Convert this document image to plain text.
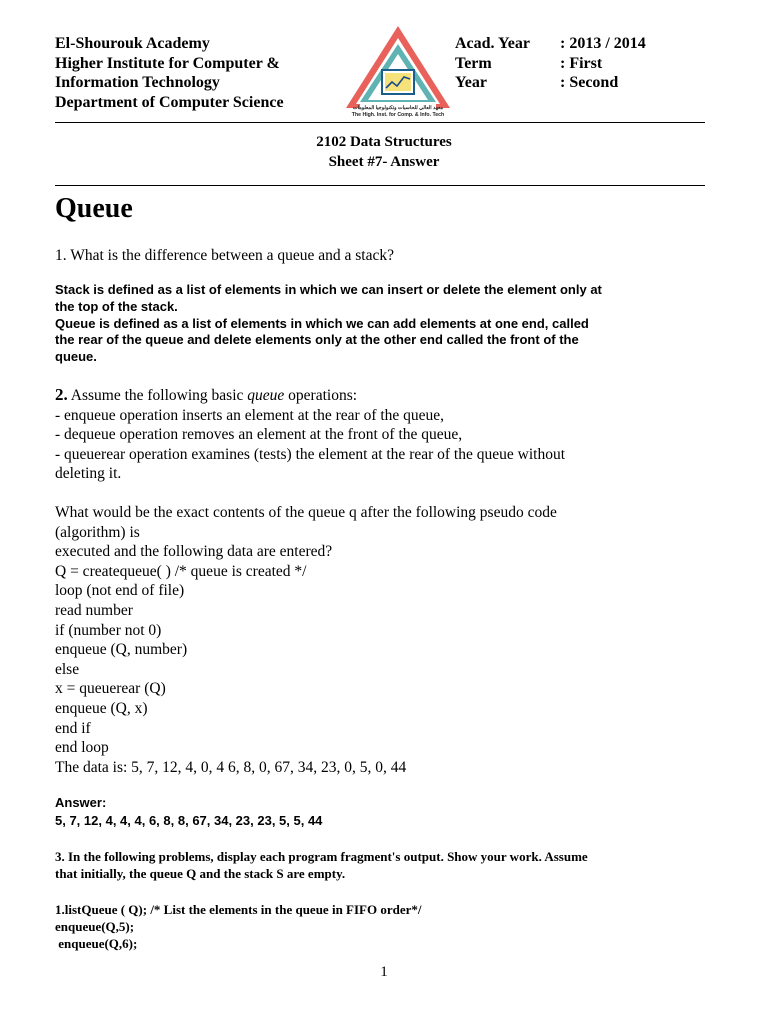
El-Shourouk Academy
Higher Institute for Computer &
Information Technology
Department of Computer Science	معهد العالي للحاسبات وتكنولوجيا المعلومات
The High. Inst. for Comp. & Info. Tech
Acad. Year	: 2013 / 2014
Term	: First
Year	: Second
2102 Data Structures
Sheet #7- Answer
Queue
1. What is the difference between a queue and a stack?
Stack is defined as a list of elements in which we can insert or delete the element only at
the top of the stack.
Queue is defined as a list of elements in which we can add elements at one end, called
the rear of the queue and delete elements only at the other end called the front of the
queue.
2. Assume the following basic queue operations:
- enqueue operation inserts an element at the rear of the queue,
- dequeue operation removes an element at the front of the queue,
- queuerear operation examines (tests) the element at the rear of the queue without
deleting it.
What would be the exact contents of the queue q after the following pseudo code
(algorithm) is
executed and the following data are entered?
Q = createqueue( ) /* queue is created */
loop (not end of file)
read number
if (number not 0)
enqueue (Q, number)
else
x = queuerear (Q)
enqueue (Q, x)
end if
end loop
The data is: 5, 7, 12, 4, 0, 4 6, 8, 0, 67, 34, 23, 0, 5, 0, 44
Answer:
5, 7, 12, 4, 4, 4, 6, 8, 8, 67, 34, 23, 23, 5, 5, 44
3. In the following problems, display each program fragment's output. Show your work. Assume
that initially, the queue Q and the stack S are empty.
1.listQueue ( Q); /* List the elements in the queue in FIFO order*/
enqueue(Q,5);
enqueue(Q,6);
1
